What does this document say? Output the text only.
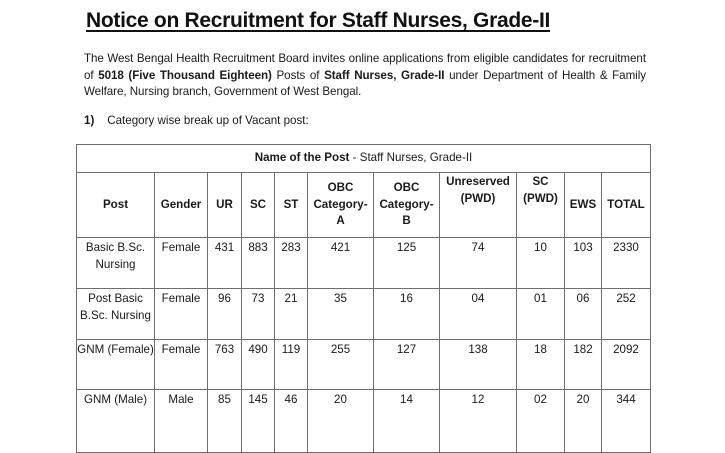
Notice on Recruitment for Staff Nurses, Grade-II

The West Bengal Health Recruitment Board invites online applications from eligible candidates for recruitment of 5018 (Five Thousand Eighteen) Posts of Staff Nurses, Grade-II under Department of Health & Family Welfare, Nursing branch, Government of West Bengal.

1) Category wise break up of Vacant post:
Name of the Post - Staff Nurses, Grade-II										
Post	Gender	UR	SC	ST	OBC Category-A	OBC Category-B	Unreserved (PWD)	SC (PWD)	EWS	TOTAL
Basic B.Sc. Nursing	Female	431	883	283	421	125	74	10	103	2330
Post Basic B.Sc. Nursing	Female	96	73	21	35	16	04	01	06	252
GNM (Female)	Female	763	490	119	255	127	138	18	182	2092
GNM (Male)	Male	85	145	46	20	14	12	02	20	344
